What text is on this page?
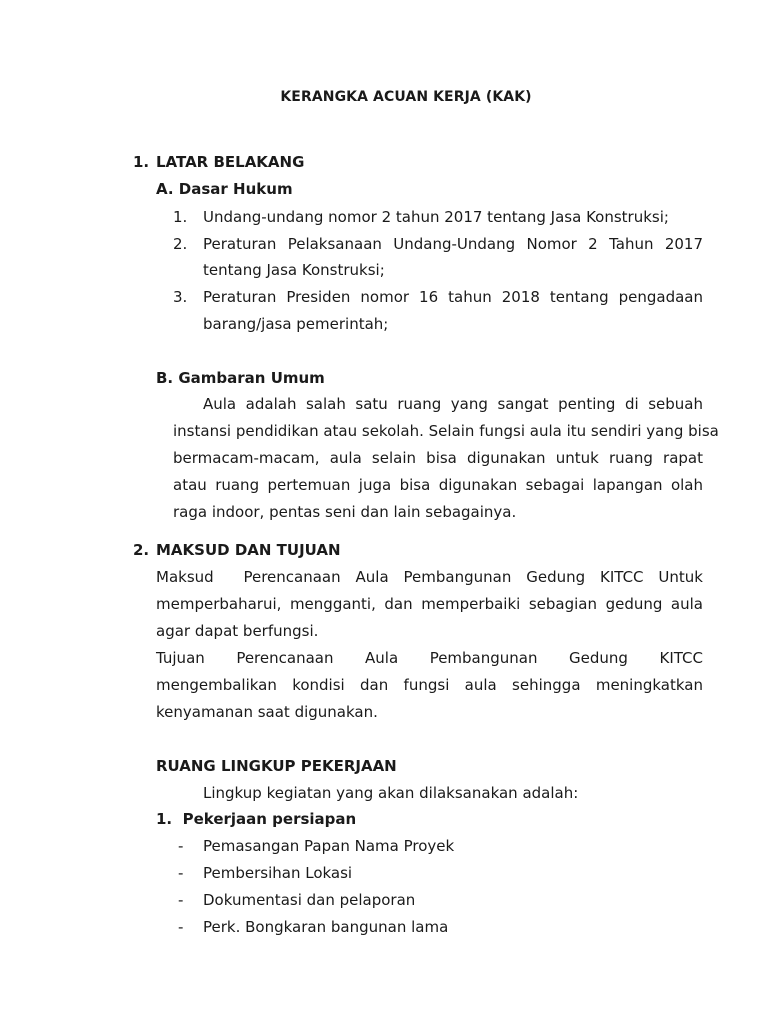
KERANGKA ACUAN KERJA (KAK)
1. LATAR BELAKANG
A. Dasar Hukum
1. Undang-undang nomor 2 tahun 2017 tentang Jasa Konstruksi;
2. Peraturan Pelaksanaan Undang-Undang Nomor 2 Tahun 2017
tentang Jasa Konstruksi;
3. Peraturan Presiden nomor 16 tahun 2018 tentang pengadaan
barang/jasa pemerintah;
B. Gambaran Umum
Aula adalah salah satu ruang yang sangat penting di sebuah
instansi pendidikan atau sekolah. Selain fungsi aula itu sendiri yang bisa
bermacam-macam, aula selain bisa digunakan untuk ruang rapat
atau ruang pertemuan juga bisa digunakan sebagai lapangan olah
raga indoor, pentas seni dan lain sebagainya.
2. MAKSUD DAN TUJUAN
Maksud  Perencanaan Aula Pembangunan Gedung KITCC Untuk
memperbaharui, mengganti, dan memperbaiki sebagian gedung aula
agar dapat berfungsi.
Tujuan Perencanaan Aula Pembangunan Gedung KITCC
mengembalikan kondisi dan fungsi aula sehingga meningkatkan
kenyamanan saat digunakan.
RUANG LINGKUP PEKERJAAN
Lingkup kegiatan yang akan dilaksanakan adalah:
1.  Pekerjaan persiapan
- Pemasangan Papan Nama Proyek
- Pembersihan Lokasi
- Dokumentasi dan pelaporan
- Perk. Bongkaran bangunan lama
